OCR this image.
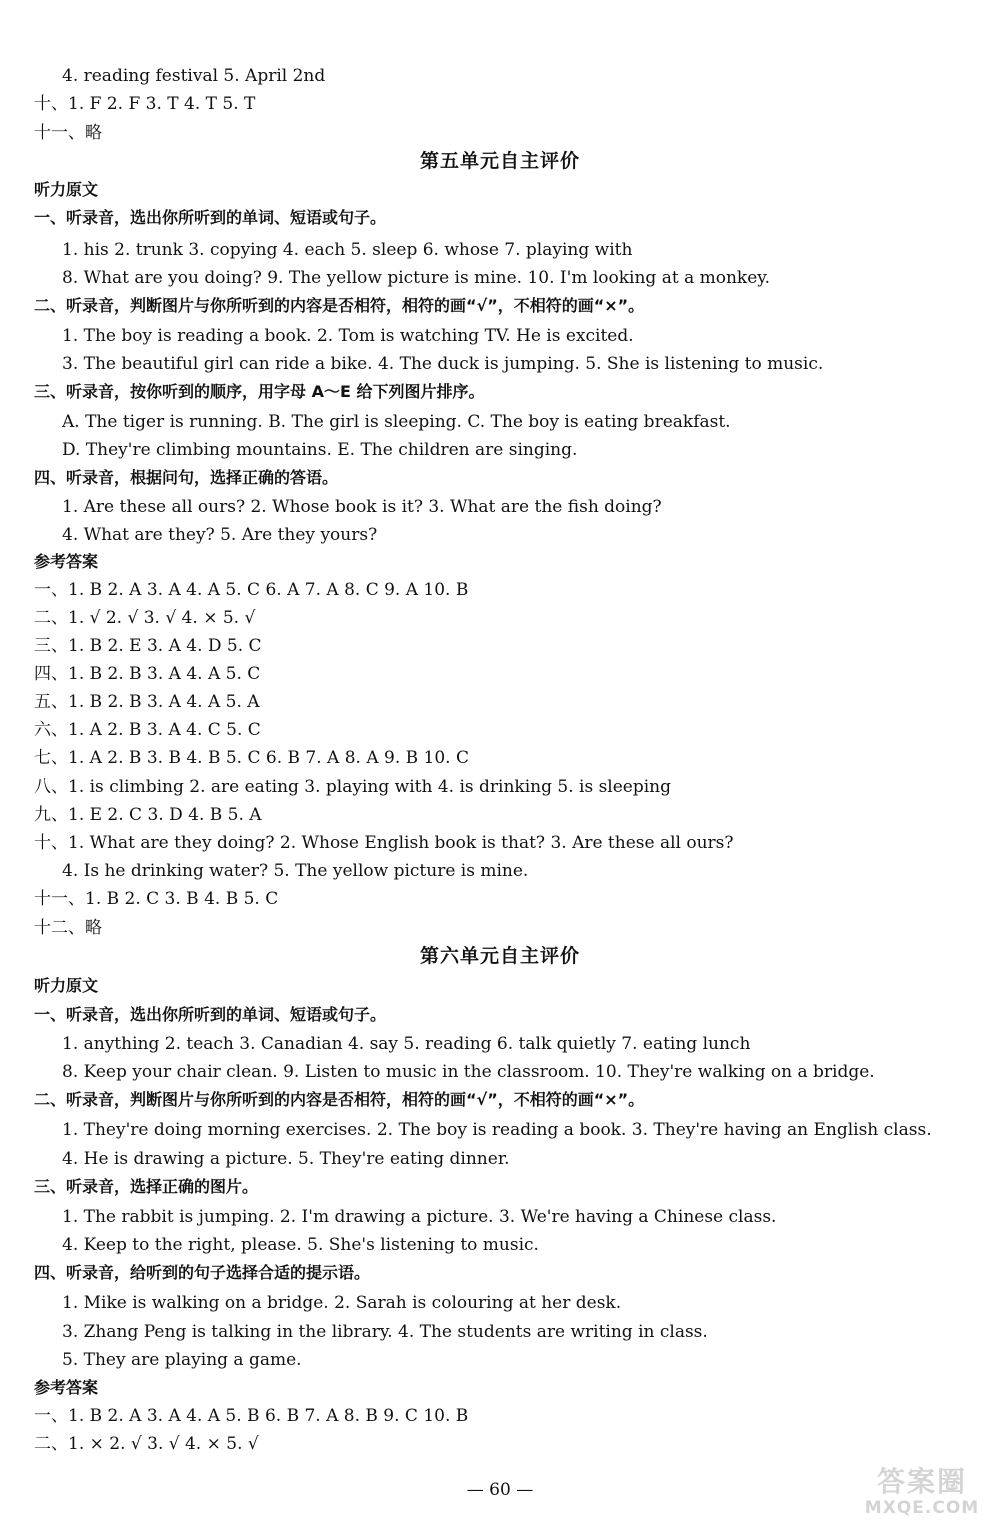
4. reading festival 5. April 2nd
十、1. F 2. F 3. T 4. T 5. T
十一、略
第五单元自主评价
听力原文
一、听录音，选出你所听到的单词、短语或句子。
1. his 2. trunk 3. copying 4. each 5. sleep 6. whose 7. playing with
8. What are you doing? 9. The yellow picture is mine. 10. I'm looking at a monkey.
二、听录音，判断图片与你所听到的内容是否相符，相符的画“√”，不相符的画“×”。
1. The boy is reading a book. 2. Tom is watching TV. He is excited.
3. The beautiful girl can ride a bike. 4. The duck is jumping. 5. She is listening to music.
三、听录音，按你听到的顺序，用字母 A～E 给下列图片排序。
A. The tiger is running. B. The girl is sleeping. C. The boy is eating breakfast.
D. They're climbing mountains. E. The children are singing.
四、听录音，根据问句，选择正确的答语。
1. Are these all ours? 2. Whose book is it? 3. What are the fish doing?
4. What are they? 5. Are they yours?
参考答案
一、1. B 2. A 3. A 4. A 5. C 6. A 7. A 8. C 9. A 10. B
二、1. √ 2. √ 3. √ 4. × 5. √
三、1. B 2. E 3. A 4. D 5. C
四、1. B 2. B 3. A 4. A 5. C
五、1. B 2. B 3. A 4. A 5. A
六、1. A 2. B 3. A 4. C 5. C
七、1. A 2. B 3. B 4. B 5. C 6. B 7. A 8. A 9. B 10. C
八、1. is climbing 2. are eating 3. playing with 4. is drinking 5. is sleeping
九、1. E 2. C 3. D 4. B 5. A
十、1. What are they doing? 2. Whose English book is that? 3. Are these all ours?
4. Is he drinking water? 5. The yellow picture is mine.
十一、1. B 2. C 3. B 4. B 5. C
十二、略
第六单元自主评价
听力原文
一、听录音，选出你所听到的单词、短语或句子。
1. anything 2. teach 3. Canadian 4. say 5. reading 6. talk quietly 7. eating lunch
8. Keep your chair clean. 9. Listen to music in the classroom. 10. They're walking on a bridge.
二、听录音，判断图片与你所听到的内容是否相符，相符的画“√”，不相符的画“×”。
1. They're doing morning exercises. 2. The boy is reading a book. 3. They're having an English class.
4. He is drawing a picture. 5. They're eating dinner.
三、听录音，选择正确的图片。
1. The rabbit is jumping. 2. I'm drawing a picture. 3. We're having a Chinese class.
4. Keep to the right, please. 5. She's listening to music.
四、听录音，给听到的句子选择合适的提示语。
1. Mike is walking on a bridge. 2. Sarah is colouring at her desk.
3. Zhang Peng is talking in the library. 4. The students are writing in class.
5. They are playing a game.
参考答案
一、1. B 2. A 3. A 4. A 5. B 6. B 7. A 8. B 9. C 10. B
二、1. × 2. √ 3. √ 4. × 5. √
— 60 —	答案圈
MXQE.COM
